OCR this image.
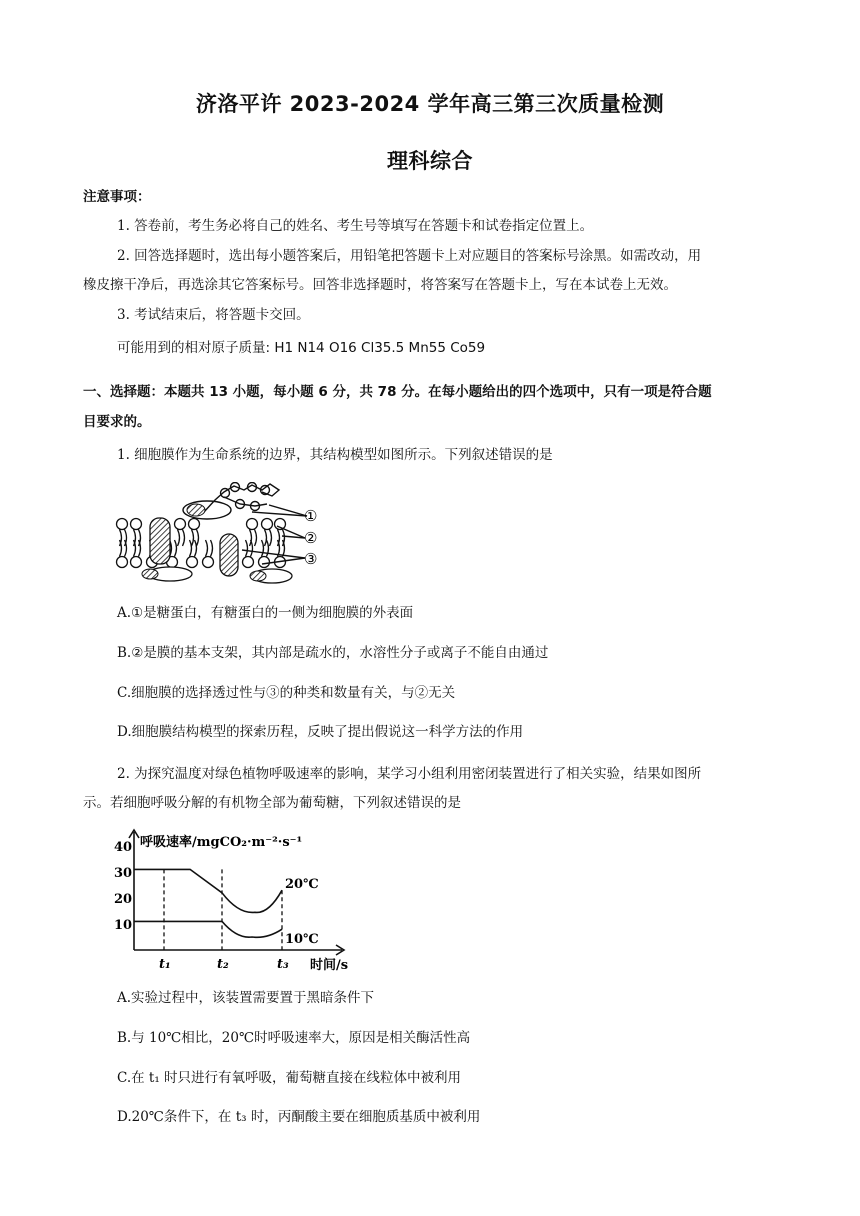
济洛平许 2023-2024 学年高三第三次质量检测
理科综合
注意事项：
1. 答卷前，考生务必将自己的姓名、考生号等填写在答题卡和试卷指定位置上。
2. 回答选择题时，选出每小题答案后，用铅笔把答题卡上对应题目的答案标号涂黑。如需改动，用
橡皮擦干净后，再选涂其它答案标号。回答非选择题时，将答案写在答题卡上，写在本试卷上无效。
3. 考试结束后，将答题卡交回。
可能用到的相对原子质量: H1 N14 O16 Cl35.5 Mn55 Co59
一、选择题：本题共 13 小题，每小题 6 分，共 78 分。在每小题给出的四个选项中，只有一项是符合题
目要求的。
1. 细胞膜作为生命系统的边界，其结构模型如图所示。下列叙述错误的是
①
②
③
A.①是糖蛋白，有糖蛋白的一侧为细胞膜的外表面
B.②是膜的基本支架，其内部是疏水的，水溶性分子或离子不能自由通过
C.细胞膜的选择透过性与③的种类和数量有关，与②无关
D.细胞膜结构模型的探索历程，反映了提出假说这一科学方法的作用
2. 为探究温度对绿色植物呼吸速率的影响，某学习小组利用密闭装置进行了相关实验，结果如图所
示。若细胞呼吸分解的有机物全部为葡萄糖，下列叙述错误的是
呼吸速率/mgCO₂·m⁻²·s⁻¹
时间/s
40
30
20
10
t₁	t₂	t₃
20℃
10℃
A.实验过程中，该装置需要置于黑暗条件下
B.与 10℃相比，20℃时呼吸速率大，原因是相关酶活性高
C.在 t₁ 时只进行有氧呼吸，葡萄糖直接在线粒体中被利用
D.20℃条件下，在 t₃ 时，丙酮酸主要在细胞质基质中被利用
